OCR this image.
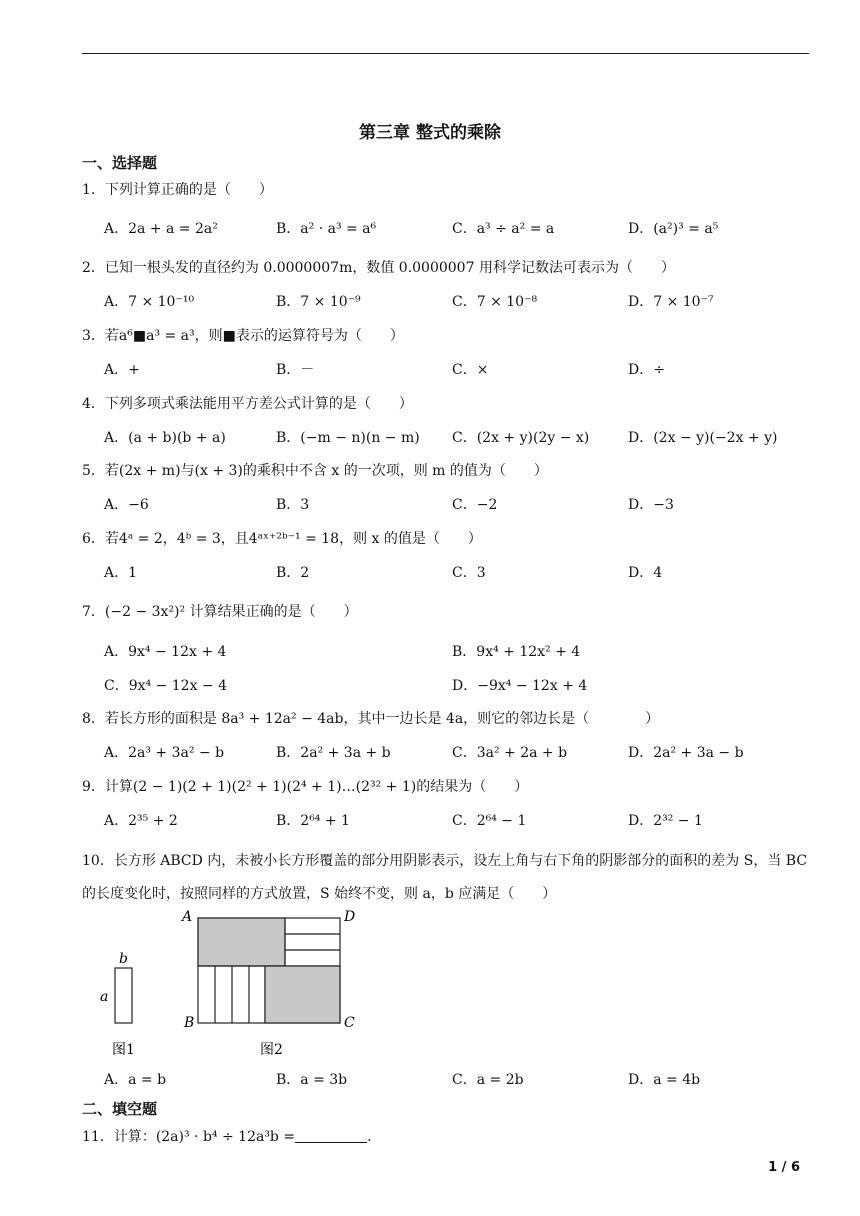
第三章 整式的乘除
一、选择题
1．下列计算正确的是（　　）
A．2a + a = 2a²	B．a² · a³ = a⁶	C．a³ ÷ a² = a	D．(a²)³ = a⁵
2．已知一根头发的直径约为 0.0000007m，数值 0.0000007 用科学记数法可表示为（　　）
A．7 × 10⁻¹⁰	B．7 × 10⁻⁹	C．7 × 10⁻⁸	D．7 × 10⁻⁷
3．若a⁶■a³ = a³，则■表示的运算符号为（　　）
A．+	B．－	C．×	D．÷
4．下列多项式乘法能用平方差公式计算的是（　　）
A．(a + b)(b + a)	B．(−m − n)(n − m) C．(2x + y)(2y − x)	D．(2x − y)(−2x + y)
5．若(2x + m)与(x + 3)的乘积中不含 x 的一次项，则 m 的值为（　　）
A．−6	B．3	C．−2	D．−3
6．若4ᵃ = 2，4ᵇ = 3，且4ᵃˣ⁺²ᵇ⁻¹ = 18，则 x 的值是（　　）
A．1	B．2	C．3	D．4
7．(−2 − 3x²)² 计算结果正确的是（　　）
A．9x⁴ − 12x + 4	B．9x⁴ + 12x² + 4
C．9x⁴ − 12x − 4	D．−9x⁴ − 12x + 4
8．若长方形的面积是 8a³ + 12a² − 4ab，其中一边长是 4a，则它的邻边长是（　　　　）
A．2a³ + 3a² − b	B．2a² + 3a + b	C．3a² + 2a + b	D．2a² + 3a − b
9．计算(2 − 1)(2 + 1)(2² + 1)(2⁴ + 1)…(2³² + 1)的结果为（　　）
A．2³⁵ + 2	B．2⁶⁴ + 1	C．2⁶⁴ − 1	D．2³² − 1
10．长方形 ABCD 内，未被小长方形覆盖的部分用阴影表示，设左上角与右下角的阴影部分的面积的差为 S，当 BC 的长度变化时，按照同样的方式放置，S 始终不变，则 a，b 应满足（　　）
b
a
A	D
B	C
图1	图2
A．a = b	B．a = 3b	C．a = 2b	D．a = 4b
二、填空题
11．计算：(2a)³ · b⁴ ÷ 12a³b =	.
1 / 6
